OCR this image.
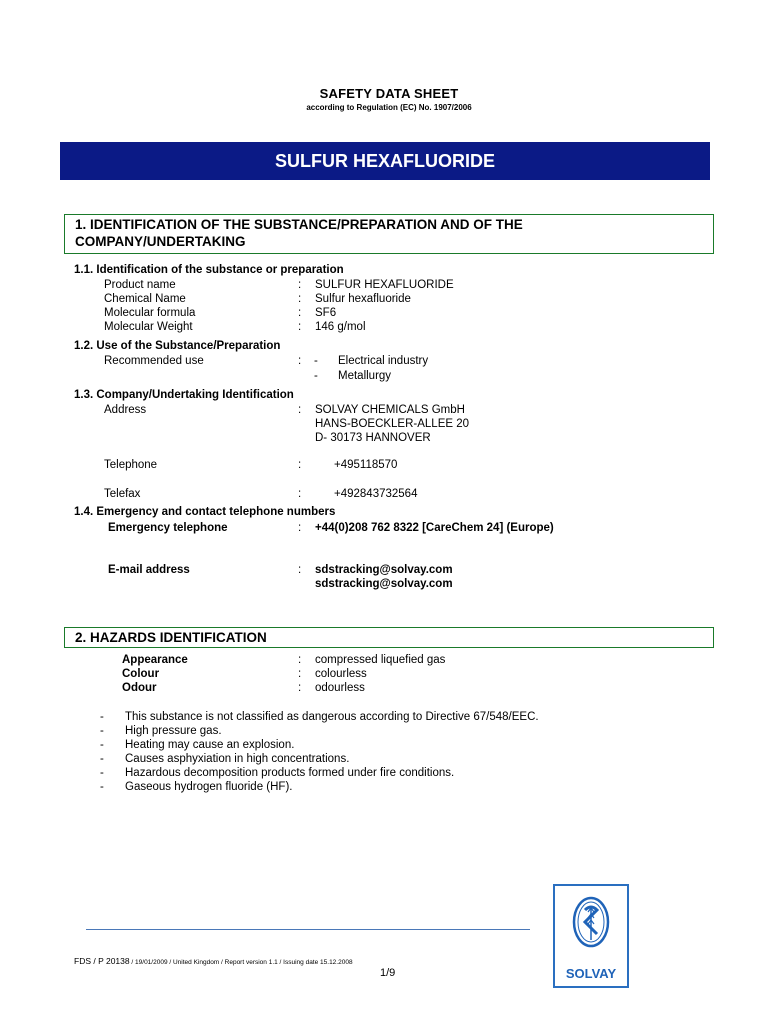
SAFETY DATA SHEET
according to Regulation (EC) No. 1907/2006
SULFUR HEXAFLUORIDE
1. IDENTIFICATION OF THE SUBSTANCE/PREPARATION AND OF THE
COMPANY/UNDERTAKING
1.1. Identification of the substance or preparation
Product name	:	SULFUR HEXAFLUORIDE
Chemical Name	:	Sulfur hexafluoride
Molecular formula	:	SF6
Molecular Weight	:	146 g/mol
1.2. Use of the Substance/Preparation
Recommended use	:	- Electrical industry
- Metallurgy
1.3. Company/Undertaking Identification
Address	:	SOLVAY CHEMICALS GmbH
HANS-BOECKLER-ALLEE 20
D- 30173 HANNOVER
Telephone	:	+495118570
Telefax	:	+492843732564
1.4. Emergency and contact telephone numbers
Emergency telephone	:	+44(0)208 762 8322 [CareChem 24] (Europe)
E-mail address	:	sdstracking@solvay.com
sdstracking@solvay.com
2. HAZARDS IDENTIFICATION
Appearance	:	compressed liquefied gas
Colour	:	colourless
Odour	:	odourless
- This substance is not classified as dangerous according to Directive 67/548/EEC.
- High pressure gas.
- Heating may cause an explosion.
- Causes asphyxiation in high concentrations.
- Hazardous decomposition products formed under fire conditions.
- Gaseous hydrogen fluoride (HF).
FDS / P 20138 / 19/01/2009 / United Kingdom / Report version 1.1 / Issuing date 15.12.2008
1/9	SOLVAY
